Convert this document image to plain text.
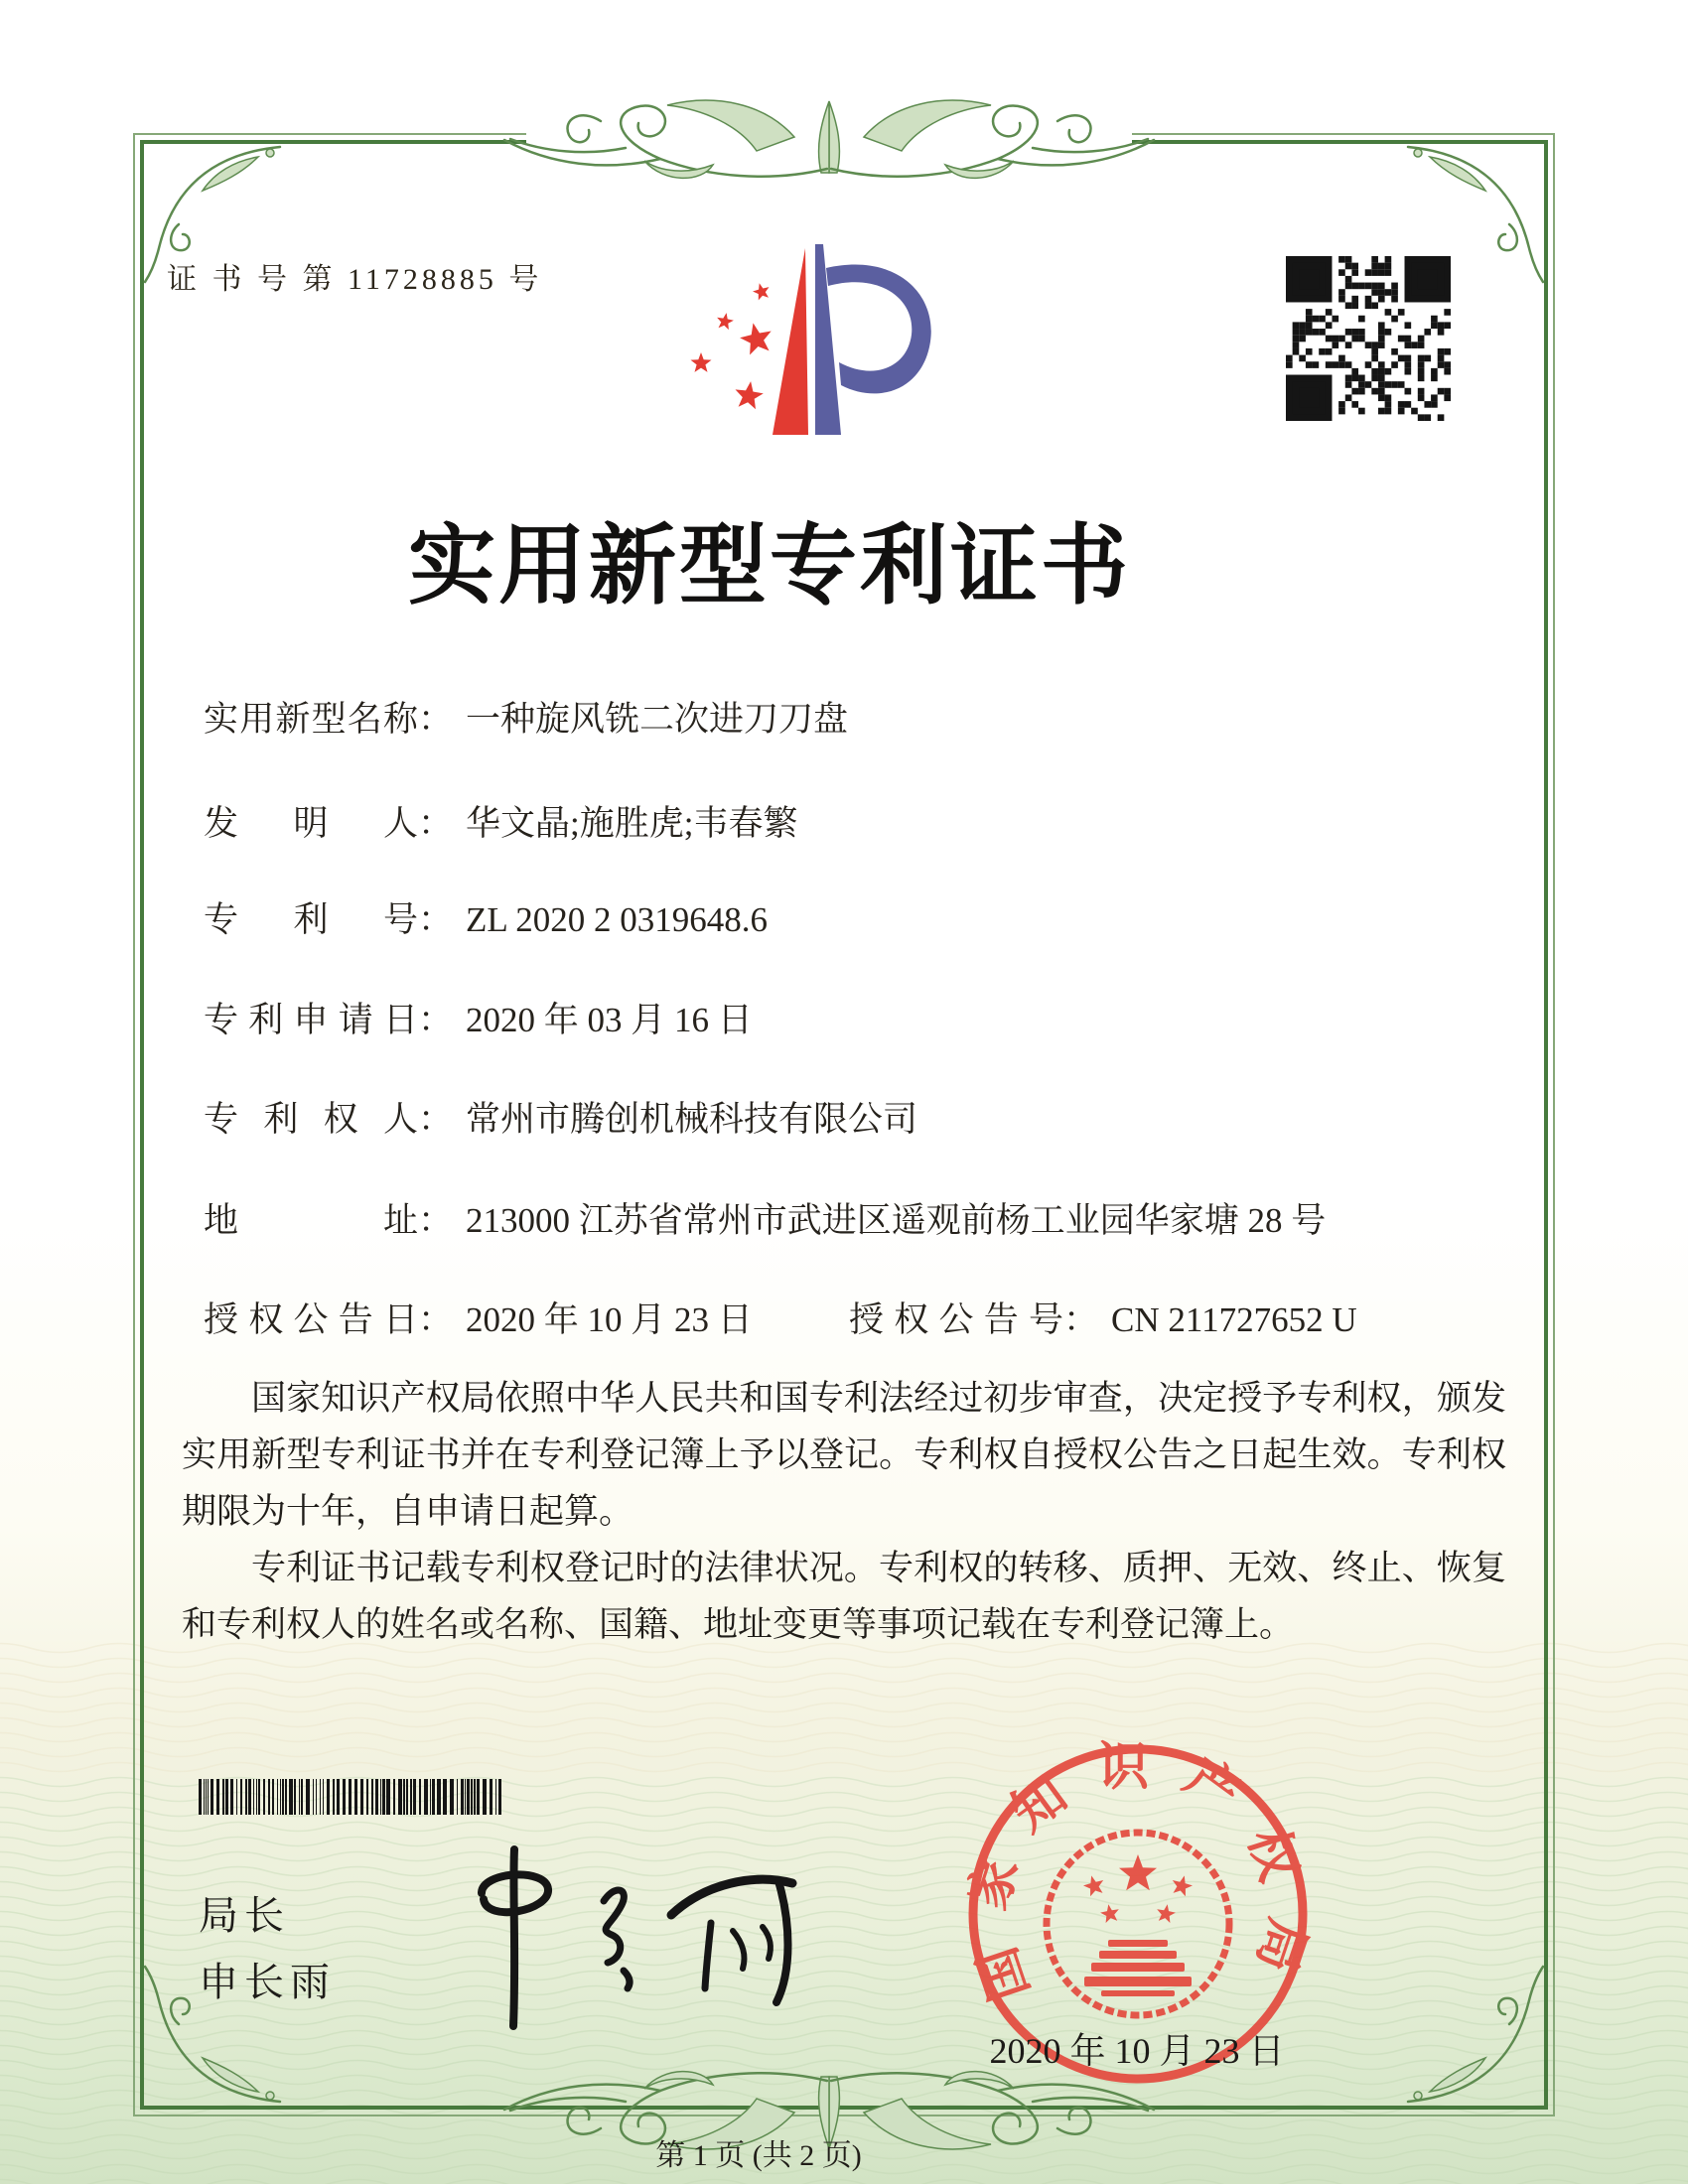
证 书 号 第 11728885 号
实用新型专利证书
实用新型名称： 一种旋风铣二次进刀刀盘
发明人： 华文晶;施胜虎;韦春繁
专利号： ZL 2020 2 0319648.6
专利申请日： 2020 年 03 月 16 日
专利权人： 常州市腾创机械科技有限公司
地址： 213000 江苏省常州市武进区遥观前杨工业园华家塘 28 号
授权公告日： 2020 年 10 月 23 日	授权公告号： CN 211727652 U

国家知识产权局依照中华人民共和国专利法经过初步审查，决定授予专利权，颁发实用新型专利证书并在专利登记簿上予以登记。专利权自授权公告之日起生效。专利权期限为十年，自申请日起算。

专利证书记载专利权登记时的法律状况。专利权的转移、质押、无效、终止、恢复和专利权人的姓名或名称、国籍、地址变更等事项记载在专利登记簿上。

局长
申长雨	国家知识产权局
2020 年 10 月 23 日
第 1 页 (共 2 页)
